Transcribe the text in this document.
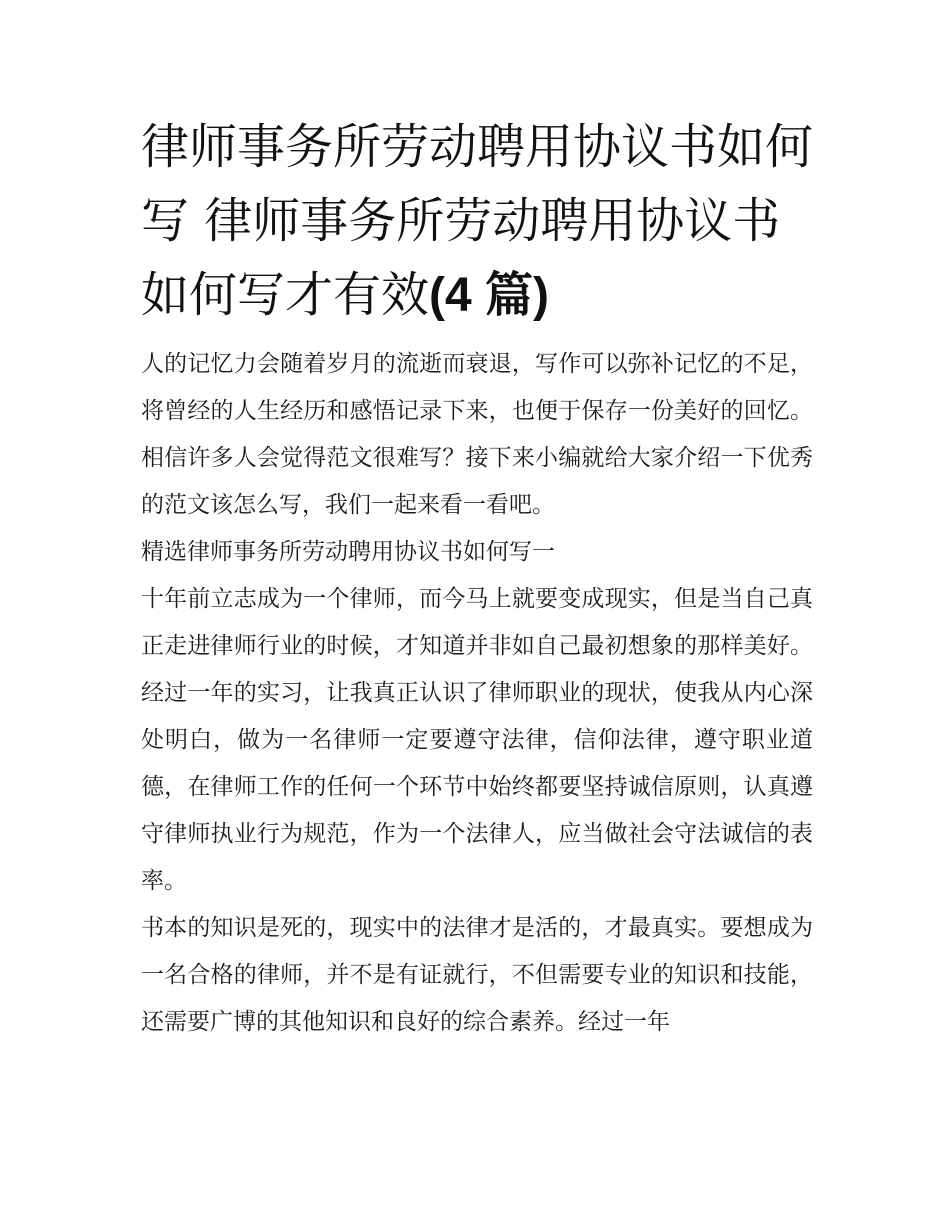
律师事务所劳动聘用协议书如何写 律师事务所劳动聘用协议书如何写才有效(4 篇)

人的记忆力会随着岁月的流逝而衰退，写作可以弥补记忆的不足，将曾经的人生经历和感悟记录下来，也便于保存一份美好的回忆。相信许多人会觉得范文很难写？接下来小编就给大家介绍一下优秀的范文该怎么写，我们一起来看一看吧。

精选律师事务所劳动聘用协议书如何写一

十年前立志成为一个律师，而今马上就要变成现实，但是当自己真正走进律师行业的时候，才知道并非如自己最初想象的那样美好。经过一年的实习，让我真正认识了律师职业的现状，使我从内心深处明白，做为一名律师一定要遵守法律，信仰法律，遵守职业道德，在律师工作的任何一个环节中始终都要坚持诚信原则，认真遵守律师执业行为规范，作为一个法律人，应当做社会守法诚信的表率。

书本的知识是死的，现实中的法律才是活的，才最真实。要想成为一名合格的律师，并不是有证就行，不但需要专业的知识和技能，还需要广博的其他知识和良好的综合素养。经过一年
